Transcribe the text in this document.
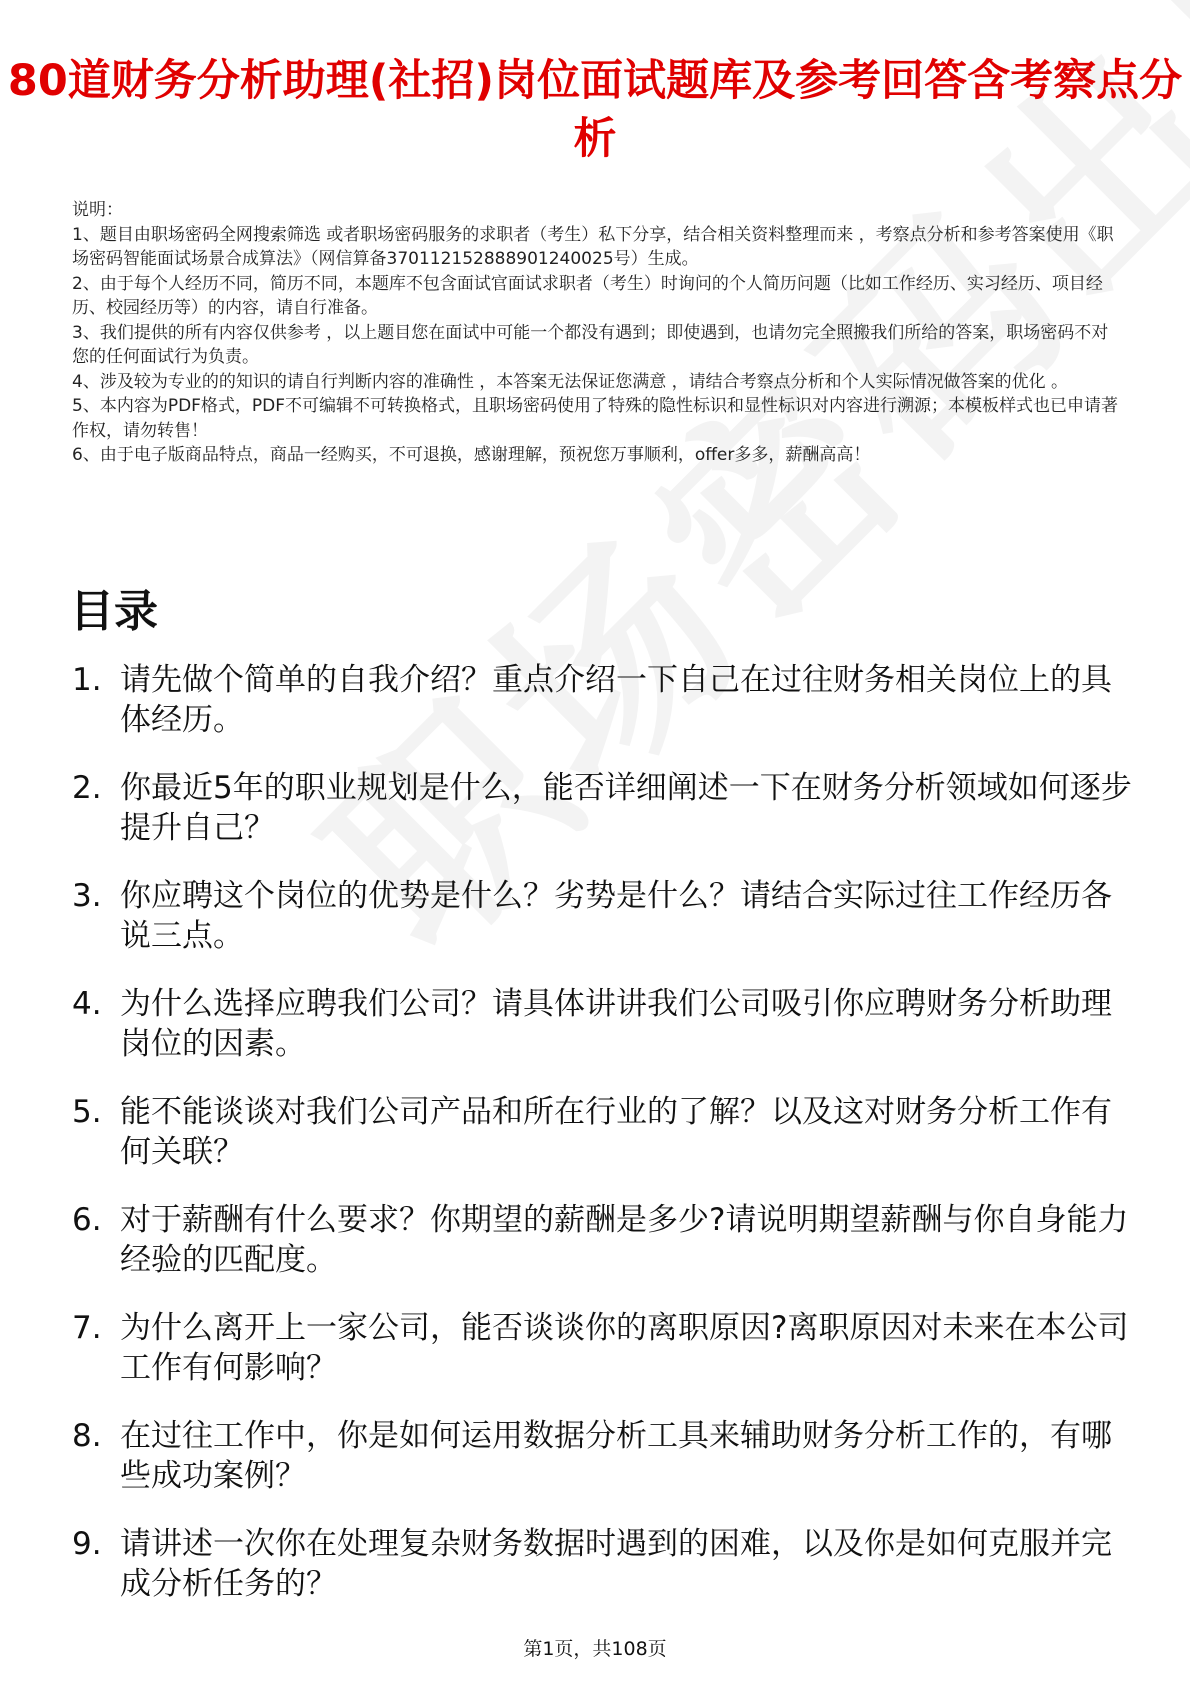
80道财务分析助理(社招)岗位面试题库及参考回答含考察点分析

说明：

1、题目由职场密码全网搜索筛选 或者职场密码服务的求职者（考生）私下分享，结合相关资料整理而来 ，考察点分析和参考答案使用《职场密码智能面试场景合成算法》（网信算备370112152888901240025号）生成。

2、由于每个人经历不同，简历不同，本题库不包含面试官面试求职者（考生）时询问的个人简历问题（比如工作经历、实习经历、项目经历、校园经历等）的内容，请自行准备。

3、我们提供的所有内容仅供参考 ，以上题目您在面试中可能一个都没有遇到；即使遇到，也请勿完全照搬我们所给的答案，职场密码不对您的任何面试行为负责。

4、涉及较为专业的的知识的请自行判断内容的准确性 ，本答案无法保证您满意 ，请结合考察点分析和个人实际情况做答案的优化 。

5、本内容为PDF格式，PDF不可编辑不可转换格式，且职场密码使用了特殊的隐性标识和显性标识对内容进行溯源；本模板样式也已申请著作权，请勿转售！

6、由于电子版商品特点，商品一经购买，不可退换，感谢理解，预祝您万事顺利，offer多多，薪酬高高！

目录
1. 请先做个简单的自我介绍？重点介绍一下自己在过往财务相关岗位上的具体经历。
2. 你最近5年的职业规划是什么，能否详细阐述一下在财务分析领域如何逐步提升自己？
3. 你应聘这个岗位的优势是什么？劣势是什么？请结合实际过往工作经历各说三点。
4. 为什么选择应聘我们公司？请具体讲讲我们公司吸引你应聘财务分析助理岗位的因素。
5. 能不能谈谈对我们公司产品和所在行业的了解？以及这对财务分析工作有何关联？
6. 对于薪酬有什么要求？你期望的薪酬是多少?请说明期望薪酬与你自身能力经验的匹配度。
7. 为什么离开上一家公司，能否谈谈你的离职原因?离职原因对未来在本公司工作有何影响？
8. 在过往工作中，你是如何运用数据分析工具来辅助财务分析工作的，有哪些成功案例？
9. 请讲述一次你在处理复杂财务数据时遇到的困难，以及你是如何克服并完成分析任务的？
第1页，共108页
